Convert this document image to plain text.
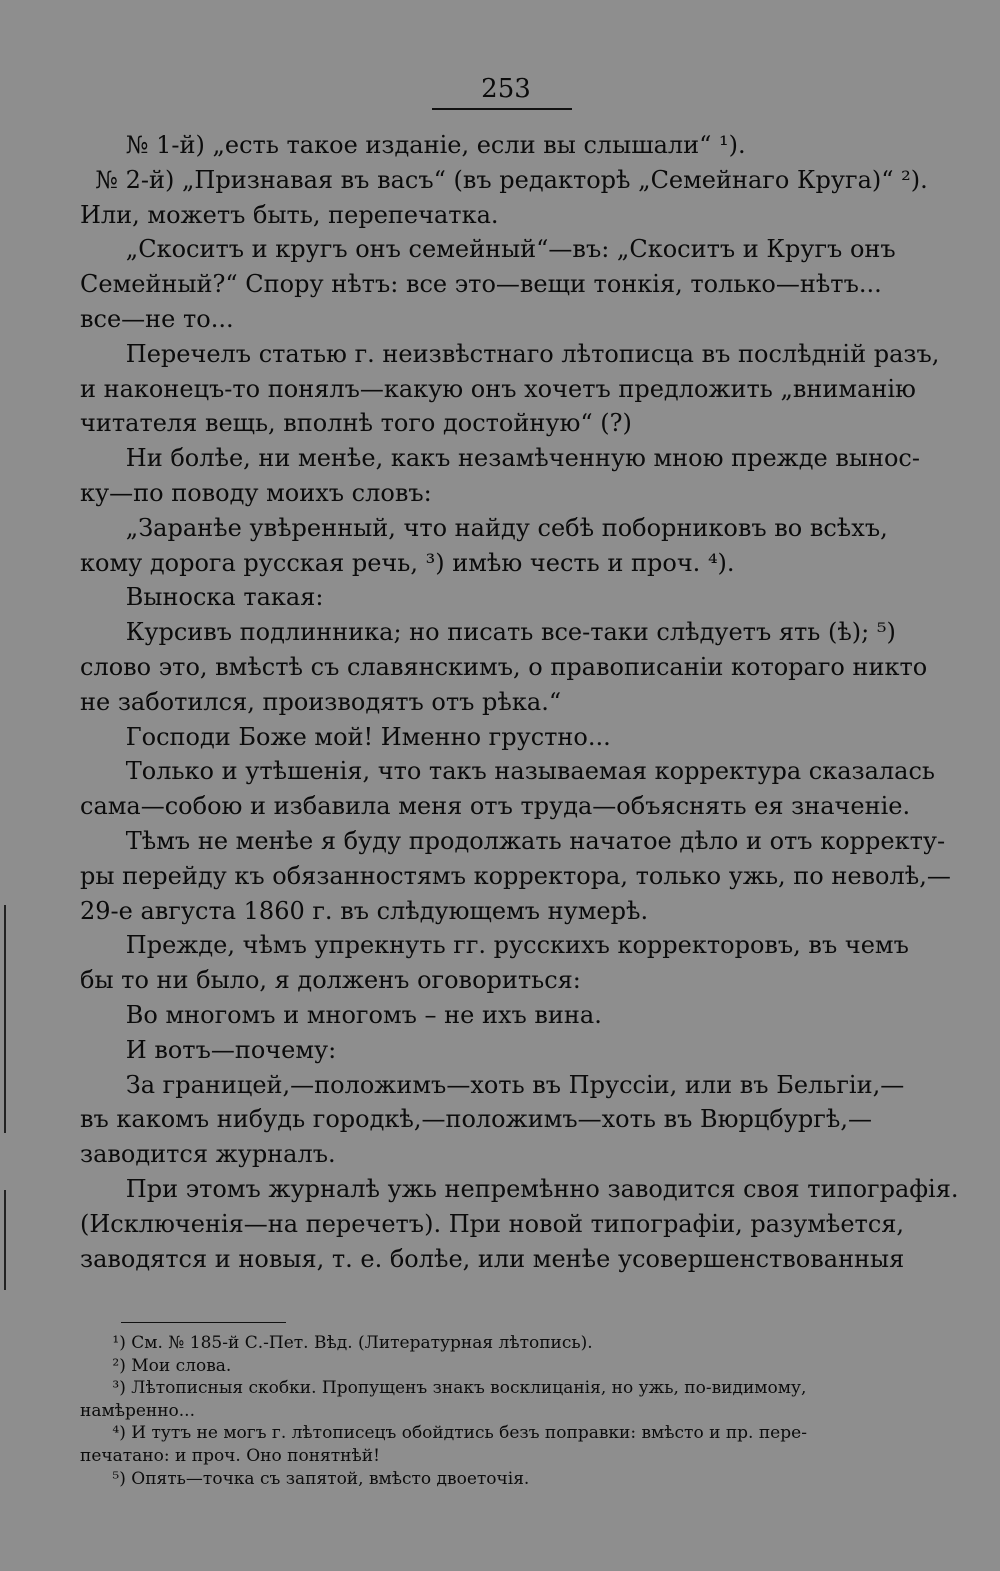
253
№ 1-й) „есть такое изданіе, если вы слышали“ ¹).
№ 2-й) „Признавая въ васъ“ (въ редакторѣ „Семейнаго Круга)“ ²).
Или, можетъ быть, перепечатка.
„Скоситъ и кругъ онъ семейный“—въ: „Скоситъ и Кругъ онъ
Семейный?“ Спору нѣтъ: все это—вещи тонкія, только—нѣтъ...
все—не то...
Перечелъ статью г. неизвѣстнаго лѣтописца въ послѣдній разъ,
и наконецъ-то понялъ—какую онъ хочетъ предложить „вниманію
читателя вещь, вполнѣ того достойную“ (?)
Ни болѣе, ни менѣе, какъ незамѣченную мною прежде вынос-
ку—по поводу моихъ словъ:
„Заранѣе увѣренный, что найду себѣ поборниковъ во всѣхъ,
кому дорога русская речь, ³) имѣю честь и проч. ⁴).
Выноска такая:
Курсивъ подлинника; но писать все-таки слѣдуетъ ять (ѣ); ⁵)
слово это, вмѣстѣ съ славянскимъ, о правописаніи котораго никто
не заботился, производятъ отъ рѣка.“
Господи Боже мой! Именно грустно...
Только и утѣшенія, что такъ называемая корректура сказалась
сама—собою и избавила меня отъ труда—объяснять ея значеніе.
Тѣмъ не менѣе я буду продолжать начатое дѣло и отъ корректу-
ры перейду къ обязанностямъ корректора, только ужь, по неволѣ,—
29-е августа 1860 г. въ слѣдующемъ нумерѣ.
Прежде, чѣмъ упрекнуть гг. русскихъ корректоровъ, въ чемъ
бы то ни было, я долженъ оговориться:
Во многомъ и многомъ – не ихъ вина.
И вотъ—почему:
За границей,—положимъ—хоть въ Пруссіи, или въ Бельгіи,—
въ какомъ нибудь городкѣ,—положимъ—хоть въ Вюрцбургѣ,—
заводится журналъ.
При этомъ журналѣ ужь непремѣнно заводится своя типографія.
(Исключенія—на перечетъ). При новой типографіи, разумѣется,
заводятся и новыя, т. е. болѣе, или менѣе усовершенствованныя
¹) См. № 185-й С.-Пет. Вѣд. (Литературная лѣтопись).
²) Мои слова.
³) Лѣтописныя скобки. Пропущенъ знакъ восклицанія, но ужь, по-видимому,
намѣренно...
⁴) И тутъ не могъ г. лѣтописецъ обойдтись безъ поправки: вмѣсто и пр. пере-
печатано: и проч. Оно понятнѣй!
⁵) Опять—точка съ запятой, вмѣсто двоеточія.
